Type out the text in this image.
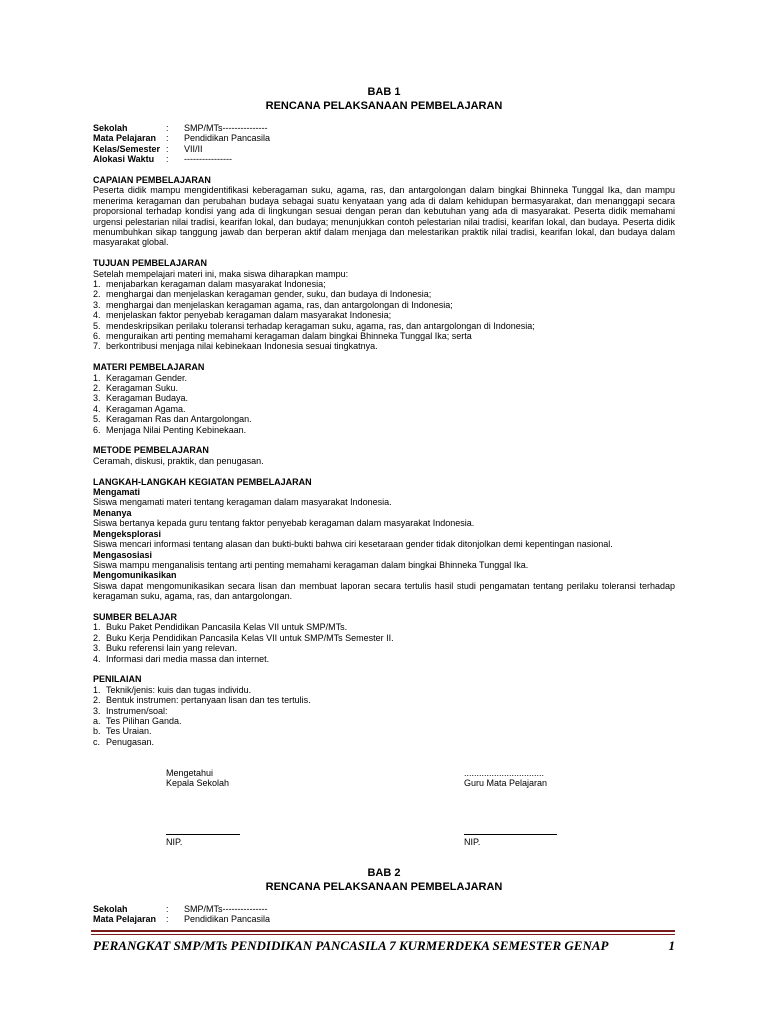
BAB 1
RENCANA PELAKSANAAN PEMBELAJARAN
Sekolah	: SMP/MTs---------------
Mata Pelajaran : Pendidikan Pancasila
Kelas/Semester : VII/II
Alokasi Waktu : ----------------
CAPAIAN PEMBELAJARAN
Peserta didik mampu mengidentifikasi keberagaman suku, agama, ras, dan antargolongan dalam bingkai Bhinneka Tunggal Ika, dan mampu menerima keragaman dan perubahan budaya sebagai suatu kenyataan yang ada di dalam kehidupan bermasyarakat, dan menanggapi secara proporsional terhadap kondisi yang ada di lingkungan sesuai dengan peran dan kebutuhan yang ada di masyarakat. Peserta didik memahami urgensi pelestarian nilai tradisi, kearifan lokal, dan budaya; menunjukkan contoh pelestarian nilai tradisi, kearifan lokal, dan budaya. Peserta didik menumbuhkan sikap tanggung jawab dan berperan aktif dalam menjaga dan melestarikan praktik nilai tradisi, kearifan lokal, dan budaya dalam masyarakat global.
TUJUAN PEMBELAJARAN
Setelah mempelajari materi ini, maka siswa diharapkan mampu:
1. menjabarkan keragaman dalam masyarakat Indonesia;
2. menghargai dan menjelaskan keragaman gender, suku, dan budaya di Indonesia;
3. menghargai dan menjelaskan keragaman agama, ras, dan antargolongan di Indonesia;
4. menjelaskan faktor penyebab keragaman dalam masyarakat Indonesia;
5. mendeskripsikan perilaku toleransi terhadap keragaman suku, agama, ras, dan antargolongan di Indonesia;
6. menguraikan arti penting memahami keragaman dalam bingkai Bhinneka Tunggal Ika; serta
7. berkontribusi menjaga nilai kebinekaan Indonesia sesuai tingkatnya.
MATERI PEMBELAJARAN
1. Keragaman Gender.
2. Keragaman Suku.
3. Keragaman Budaya.
4. Keragaman Agama.
5. Keragaman Ras dan Antargolongan.
6. Menjaga Nilai Penting Kebinekaan.
METODE PEMBELAJARAN
Ceramah, diskusi, praktik, dan penugasan.
LANGKAH-LANGKAH KEGIATAN PEMBELAJARAN
Mengamati
Siswa mengamati materi tentang keragaman dalam masyarakat Indonesia.
Menanya
Siswa bertanya kepada guru tentang faktor penyebab keragaman dalam masyarakat Indonesia.
Mengeksplorasi
Siswa mencari informasi tentang alasan dan bukti-bukti bahwa ciri kesetaraan gender tidak ditonjolkan demi kepentingan nasional.
Mengasosiasi
Siswa mampu menganalisis tentang arti penting memahami keragaman dalam bingkai Bhinneka Tunggal Ika.
Mengomunikasikan
Siswa dapat mengomunikasikan secara lisan dan membuat laporan secara tertulis hasil studi pengamatan tentang perilaku toleransi terhadap keragaman suku, agama, ras, dan antargolongan.
SUMBER BELAJAR
1. Buku Paket Pendidikan Pancasila Kelas VII untuk SMP/MTs.
2. Buku Kerja Pendidikan Pancasila Kelas VII untuk SMP/MTs Semester II.
3. Buku referensi lain yang relevan.
4. Informasi dari media massa dan internet.
PENILAIAN
1. Teknik/jenis: kuis dan tugas individu.
2. Bentuk instrumen: pertanyaan lisan dan tes tertulis.
3. Instrumen/soal:
a. Tes Pilihan Ganda.
b. Tes Uraian.
c. Penugasan.
Mengetahui
Kepala Sekolah
................................
Guru Mata Pelajaran
NIP.	NIP.
BAB 2
RENCANA PELAKSANAAN PEMBELAJARAN
Sekolah	: SMP/MTs---------------
Mata Pelajaran : Pendidikan Pancasila
PERANGKAT SMP/MTs PENDIDIKAN PANCASILA 7 KURMERDEKA SEMESTER GENAP	1
